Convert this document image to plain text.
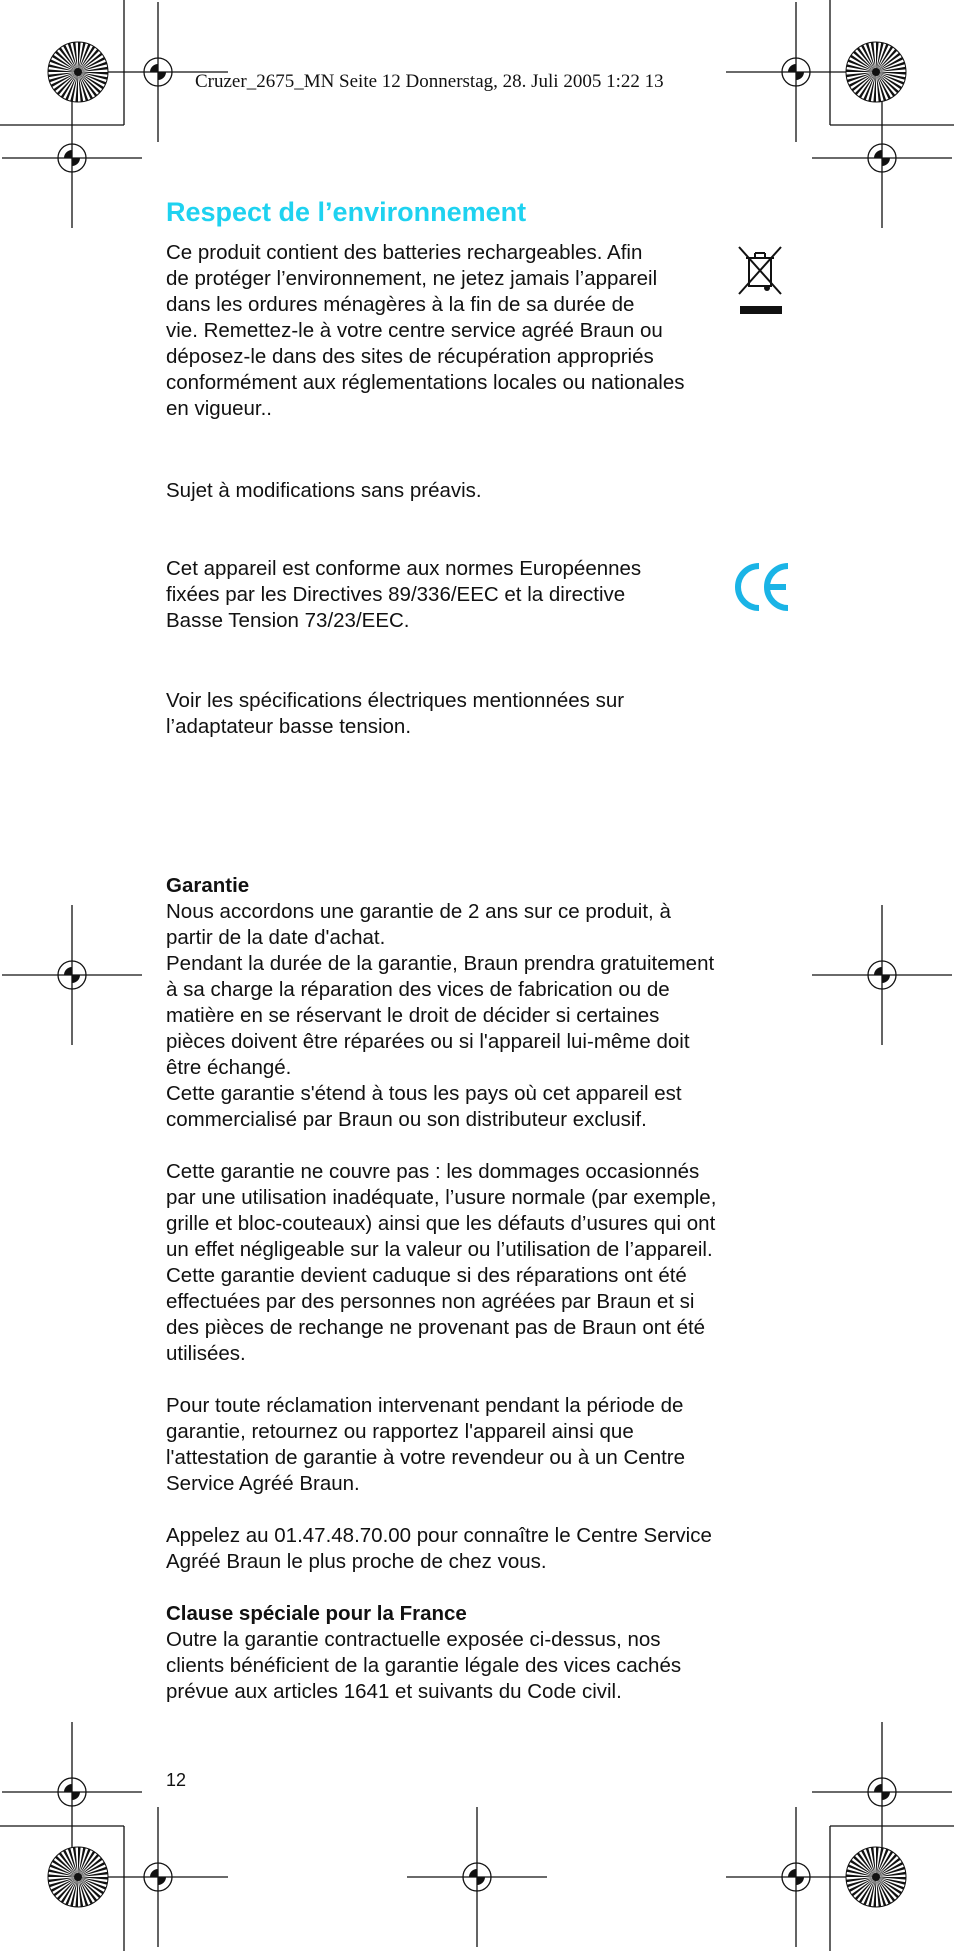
Cruzer_2675_MN Seite 12 Donnerstag, 28. Juli 2005 1:22 13
Respect de l’environnement

Ce produit contient des batteries rechargeables. Afin

de protéger l’environnement, ne jetez jamais l’appareil

dans les ordures ménagères à la fin de sa durée de

vie. Remettez-le à votre centre service agréé Braun ou

déposez-le dans des sites de récupération appropriés

conformément aux réglementations locales ou nationales

en vigueur..

Sujet à modifications sans préavis.

Cet appareil est conforme aux normes Européennes

fixées par les Directives 89/336/EEC et la directive

Basse Tension 73/23/EEC.

Voir les spécifications électriques mentionnées sur

l’adaptateur basse tension.

Garantie

Nous accordons une garantie de 2 ans sur ce produit, à

partir de la date d'achat.

Pendant la durée de la garantie, Braun prendra gratuitement

à sa charge la réparation des vices de fabrication ou de

matière en se réservant le droit de décider si certaines

pièces doivent être réparées ou si l'appareil lui-même doit

être échangé.

Cette garantie s'étend à tous les pays où cet appareil est

commercialisé par Braun ou son distributeur exclusif.

Cette garantie ne couvre pas : les dommages occasionnés

par une utilisation inadéquate, l’usure normale (par exemple,

grille et bloc-couteaux) ainsi que les défauts d’usures qui ont

un effet négligeable sur la valeur ou l’utilisation de l’appareil.

Cette garantie devient caduque si des réparations ont été

effectuées par des personnes non agréées par Braun et si

des pièces de rechange ne provenant pas de Braun ont été

utilisées.

Pour toute réclamation intervenant pendant la période de

garantie, retournez ou rapportez l'appareil ainsi que

l'attestation de garantie à votre revendeur ou à un Centre

Service Agréé Braun.

Appelez au 01.47.48.70.00 pour connaître le Centre Service

Agréé Braun le plus proche de chez vous.

Clause spéciale pour la France

Outre la garantie contractuelle exposée ci-dessus, nos

clients bénéficient de la garantie légale des vices cachés

prévue aux articles 1641 et suivants du Code civil.

12
